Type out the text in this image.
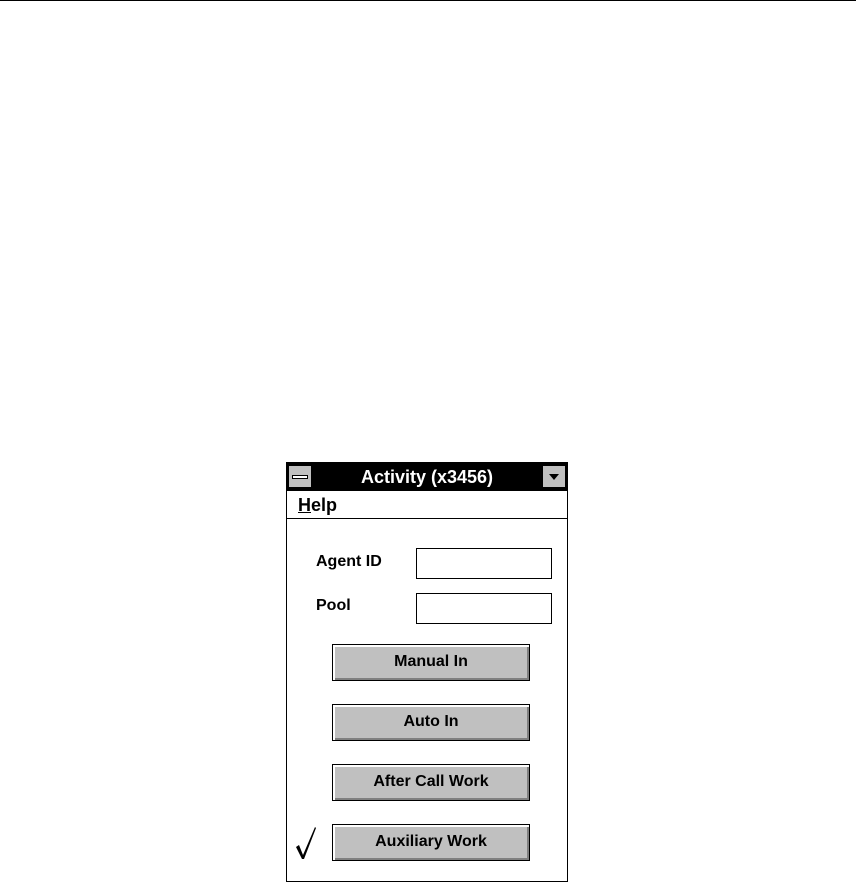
Activity (x3456)
Help
Agent ID
Pool
Manual In
Auto In
After Call Work
Auxiliary Work
